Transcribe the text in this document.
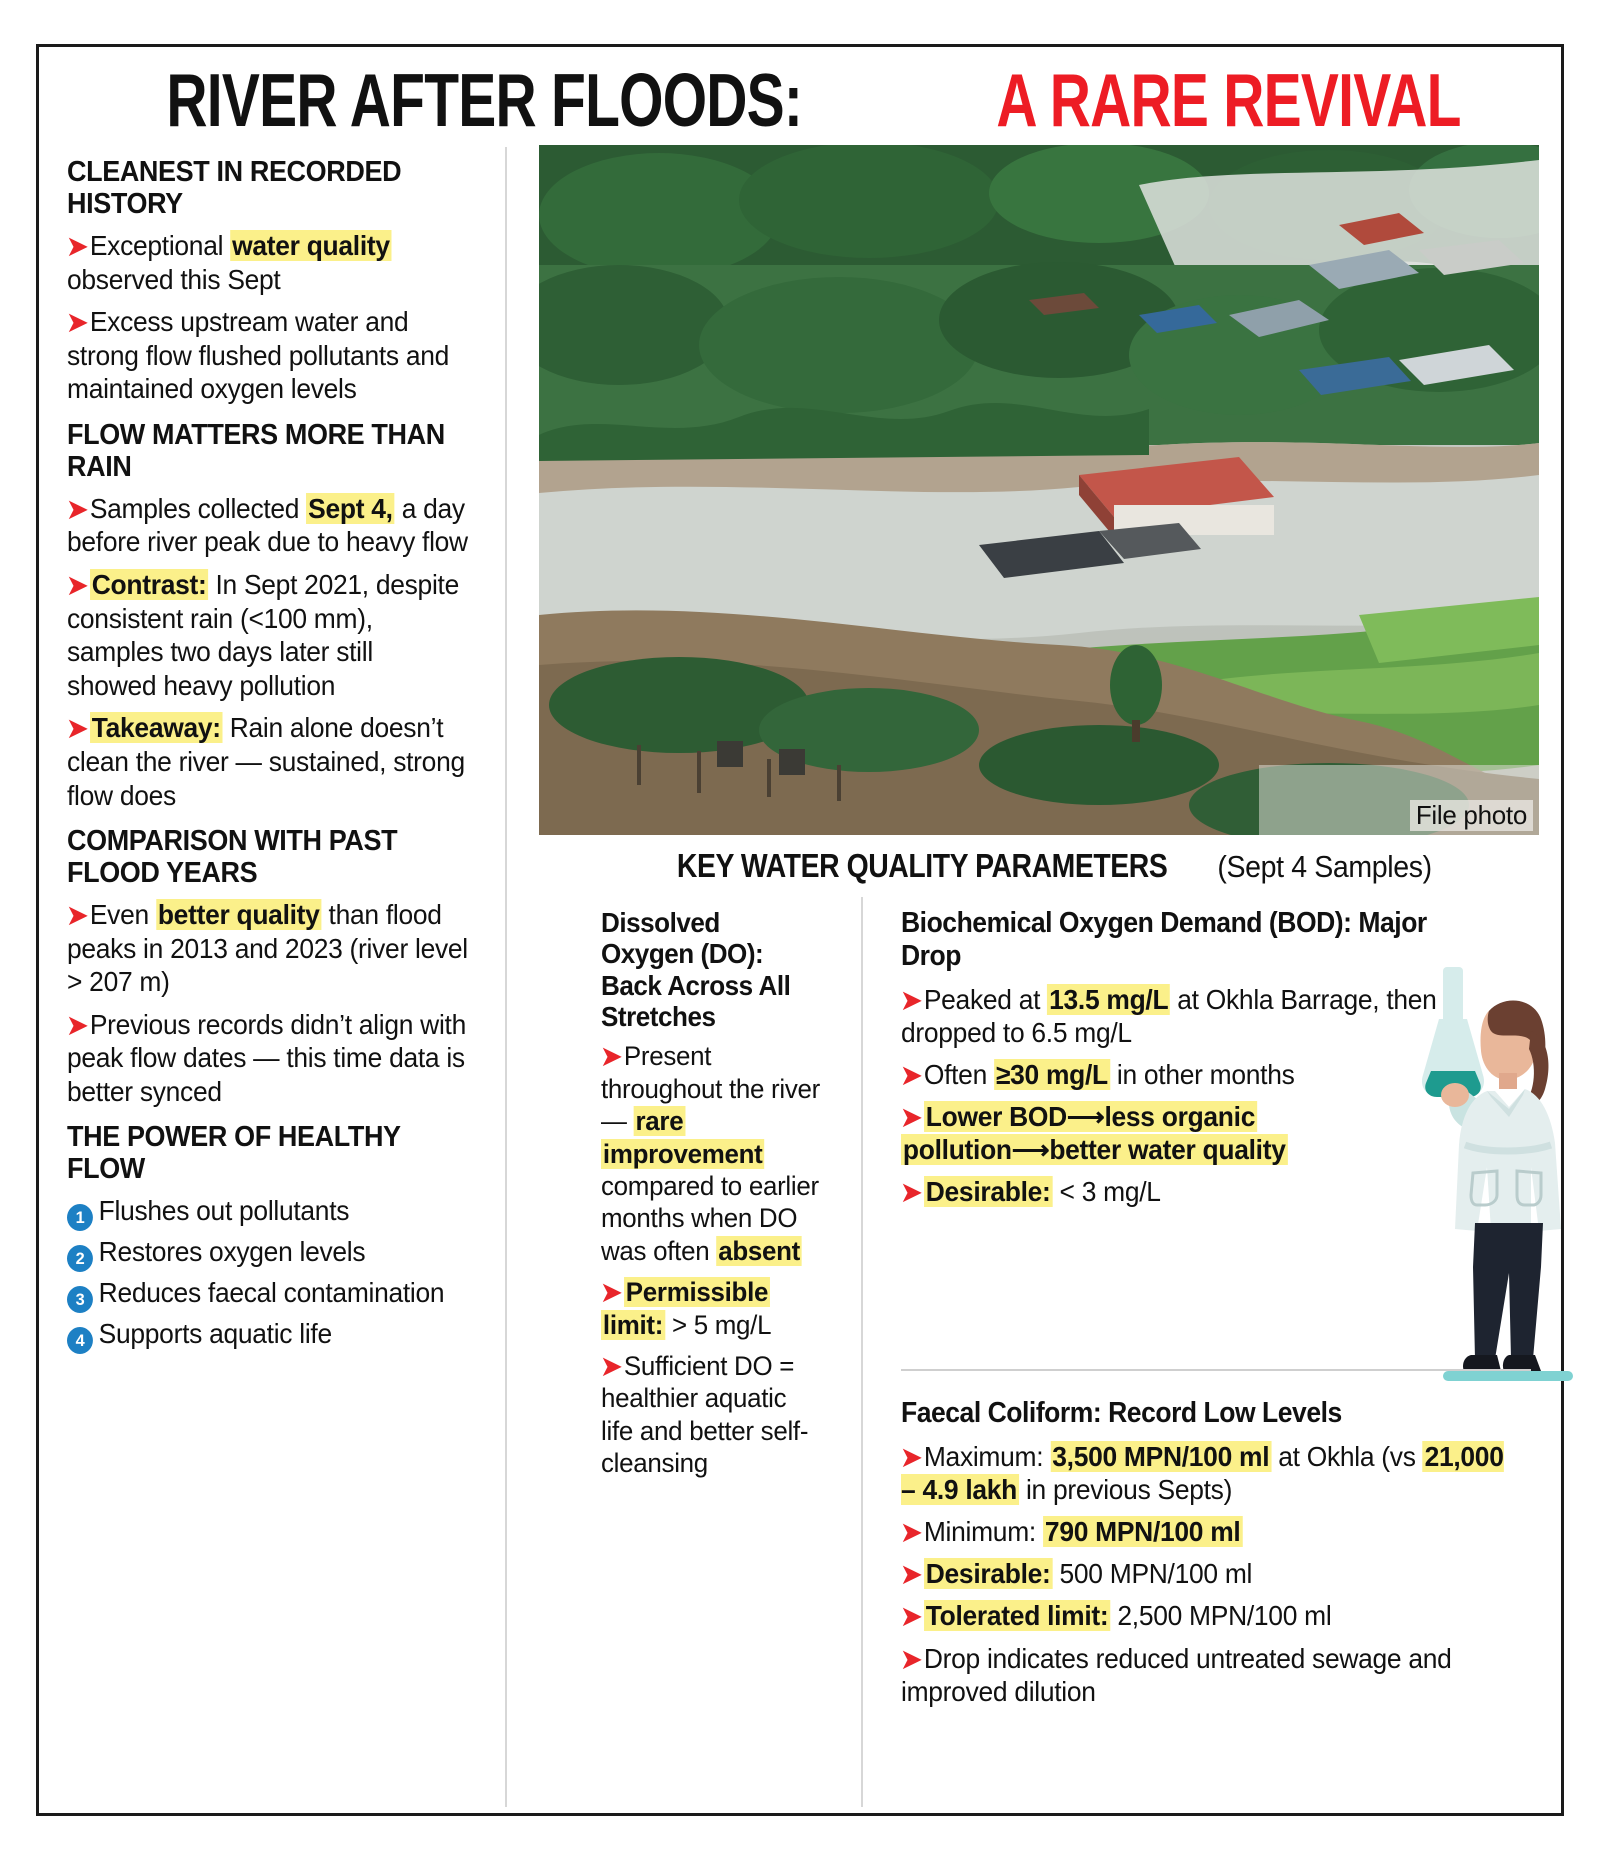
RIVER AFTER FLOODS:	A RARE REVIVAL
CLEANEST IN RECORDED HISTORY

➤ Exceptional water quality observed this Sept

➤ Excess upstream water and strong flow flushed pollutants and maintained oxygen levels

FLOW MATTERS MORE THAN RAIN

➤ Samples collected Sept 4, a day before river peak due to heavy flow

➤ Contrast: In Sept 2021, despite consistent rain (<100 mm), samples two days later still showed heavy pollution

➤ Takeaway: Rain alone doesn’t clean the river — sustained, strong flow does

COMPARISON WITH PAST FLOOD YEARS

➤ Even better quality than flood peaks in 2013 and 2023 (river level > 207 m)

➤ Previous records didn’t align with peak flow dates — this time data is better synced

THE POWER OF HEALTHY FLOW
1 Flushes out pollutants
2 Restores oxygen levels
3 Reduces faecal contamination
4 Supports aquatic life
File photo
KEY WATER QUALITY PARAMETERS(Sept 4 Samples)
Dissolved Oxygen (DO): Back Across All Stretches

➤ Present throughout the river — rare improvement compared to earlier months when DO was often absent

➤ Permissible limit: > 5 mg/L

➤ Sufficient DO = healthier aquatic life and better self-cleansing

Biochemical Oxygen Demand (BOD): Major Drop

➤ Peaked at 13.5 mg/L at Okhla Barrage, then dropped to 6.5 mg/L

➤ Often ≥30 mg/L in other months

➤ Lower BOD⟶less organic pollution⟶better water quality

➤ Desirable: < 3 mg/L

Faecal Coliform: Record Low Levels

➤ Maximum: 3,500 MPN/100 ml at Okhla (vs 21,000 – 4.9 lakh in previous Septs)

➤ Minimum: 790 MPN/100 ml

➤ Desirable: 500 MPN/100 ml

➤ Tolerated limit: 2,500 MPN/100 ml

➤ Drop indicates reduced untreated sewage and improved dilution
